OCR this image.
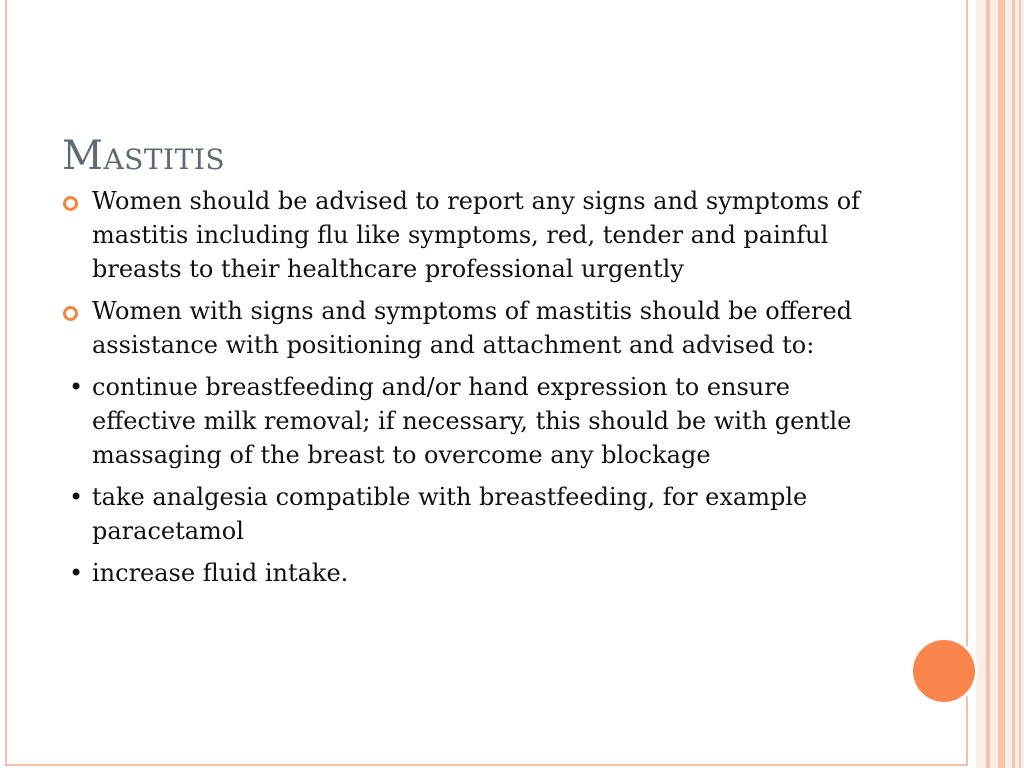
Mastitis
Women should be advised to report any signs and symptoms of mastitis including flu like symptoms, red, tender and painful breasts to their healthcare professional urgently
Women with signs and symptoms of mastitis should be offered assistance with positioning and attachment and advised to:
• continue breastfeeding and/or hand expression to ensure effective milk removal; if necessary, this should be with gentle massaging of the breast to overcome any blockage
• take analgesia compatible with breastfeeding, for example paracetamol
• increase fluid intake.
